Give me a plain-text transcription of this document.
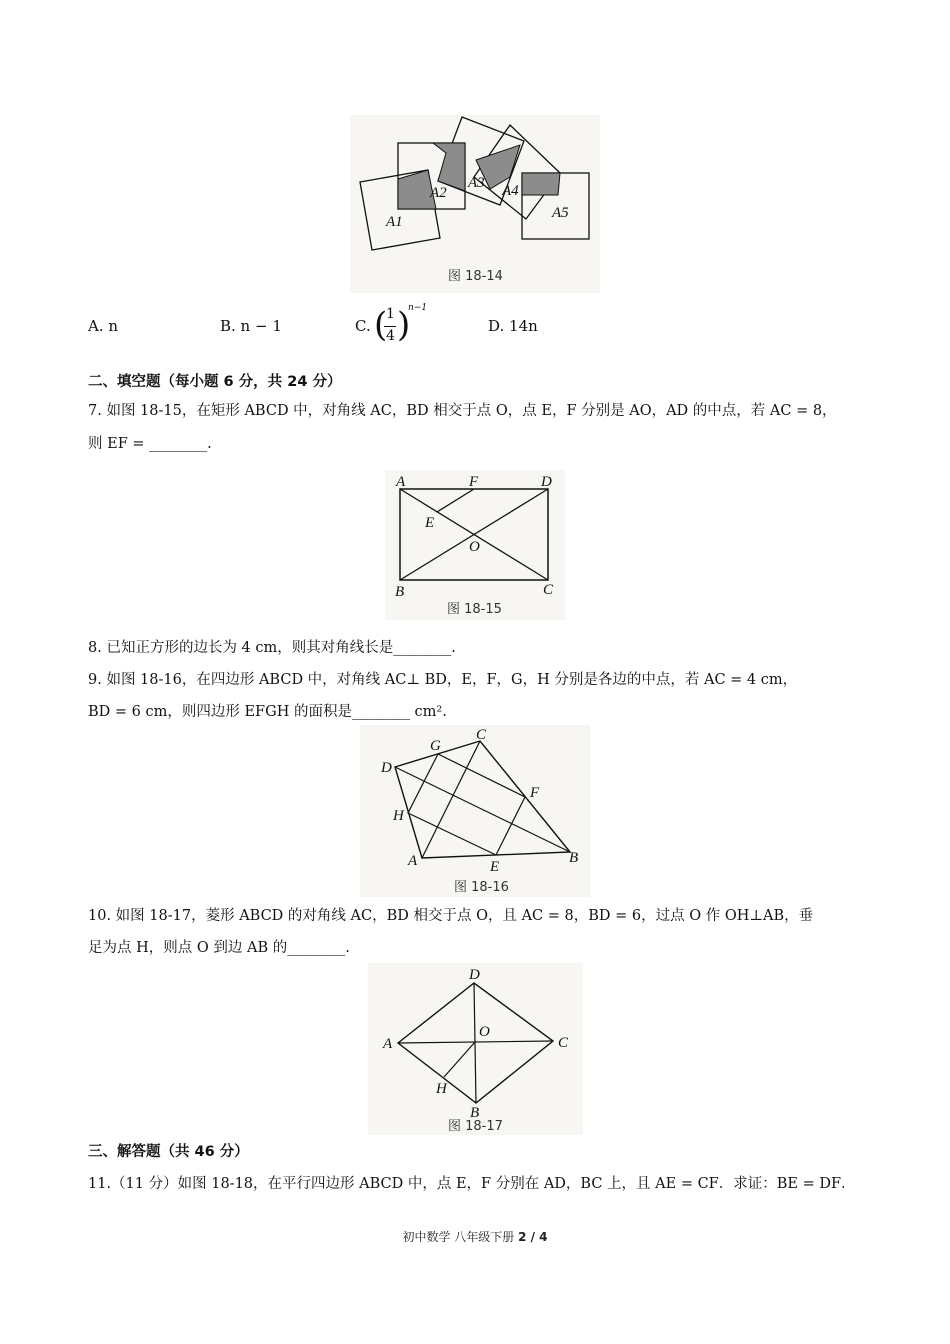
A1
A2
A3 A4
A5
图 18-14
A. n	B. n − 1	C. (
1
4 )
n−1
D. 14n
二、填空题（每小题 6 分，共 24 分）
7. 如图 18-15，在矩形 ABCD 中，对角线 AC，BD 相交于点 O，点 E，F 分别是 AO，AD 的中点，若 AC = 8，
则 EF = ________.
A	F	D
E
O
B	C
图 18-15
8. 已知正方形的边长为 4 cm，则其对角线长是________.
9. 如图 18-16，在四边形 ABCD 中，对角线 AC⊥ BD，E，F，G，H 分别是各边的中点，若 AC = 4 cm，
BD = 6 cm，则四边形 EFGH 的面积是________ cm².
G
C
D
F
H
A	E
B
图 18-16
10. 如图 18-17，菱形 ABCD 的对角线 AC，BD 相交于点 O，且 AC = 8，BD = 6，过点 O 作 OH⊥AB，垂
足为点 H，则点 O 到边 AB 的________.
D
A
O
C
H
B
图 18-17
三、解答题（共 46 分）
11.（11 分）如图 18-18，在平行四边形 ABCD 中，点 E，F 分别在 AD，BC 上，且 AE = CF．求证：BE = DF．
初中数学 八年级下册 2 / 4
